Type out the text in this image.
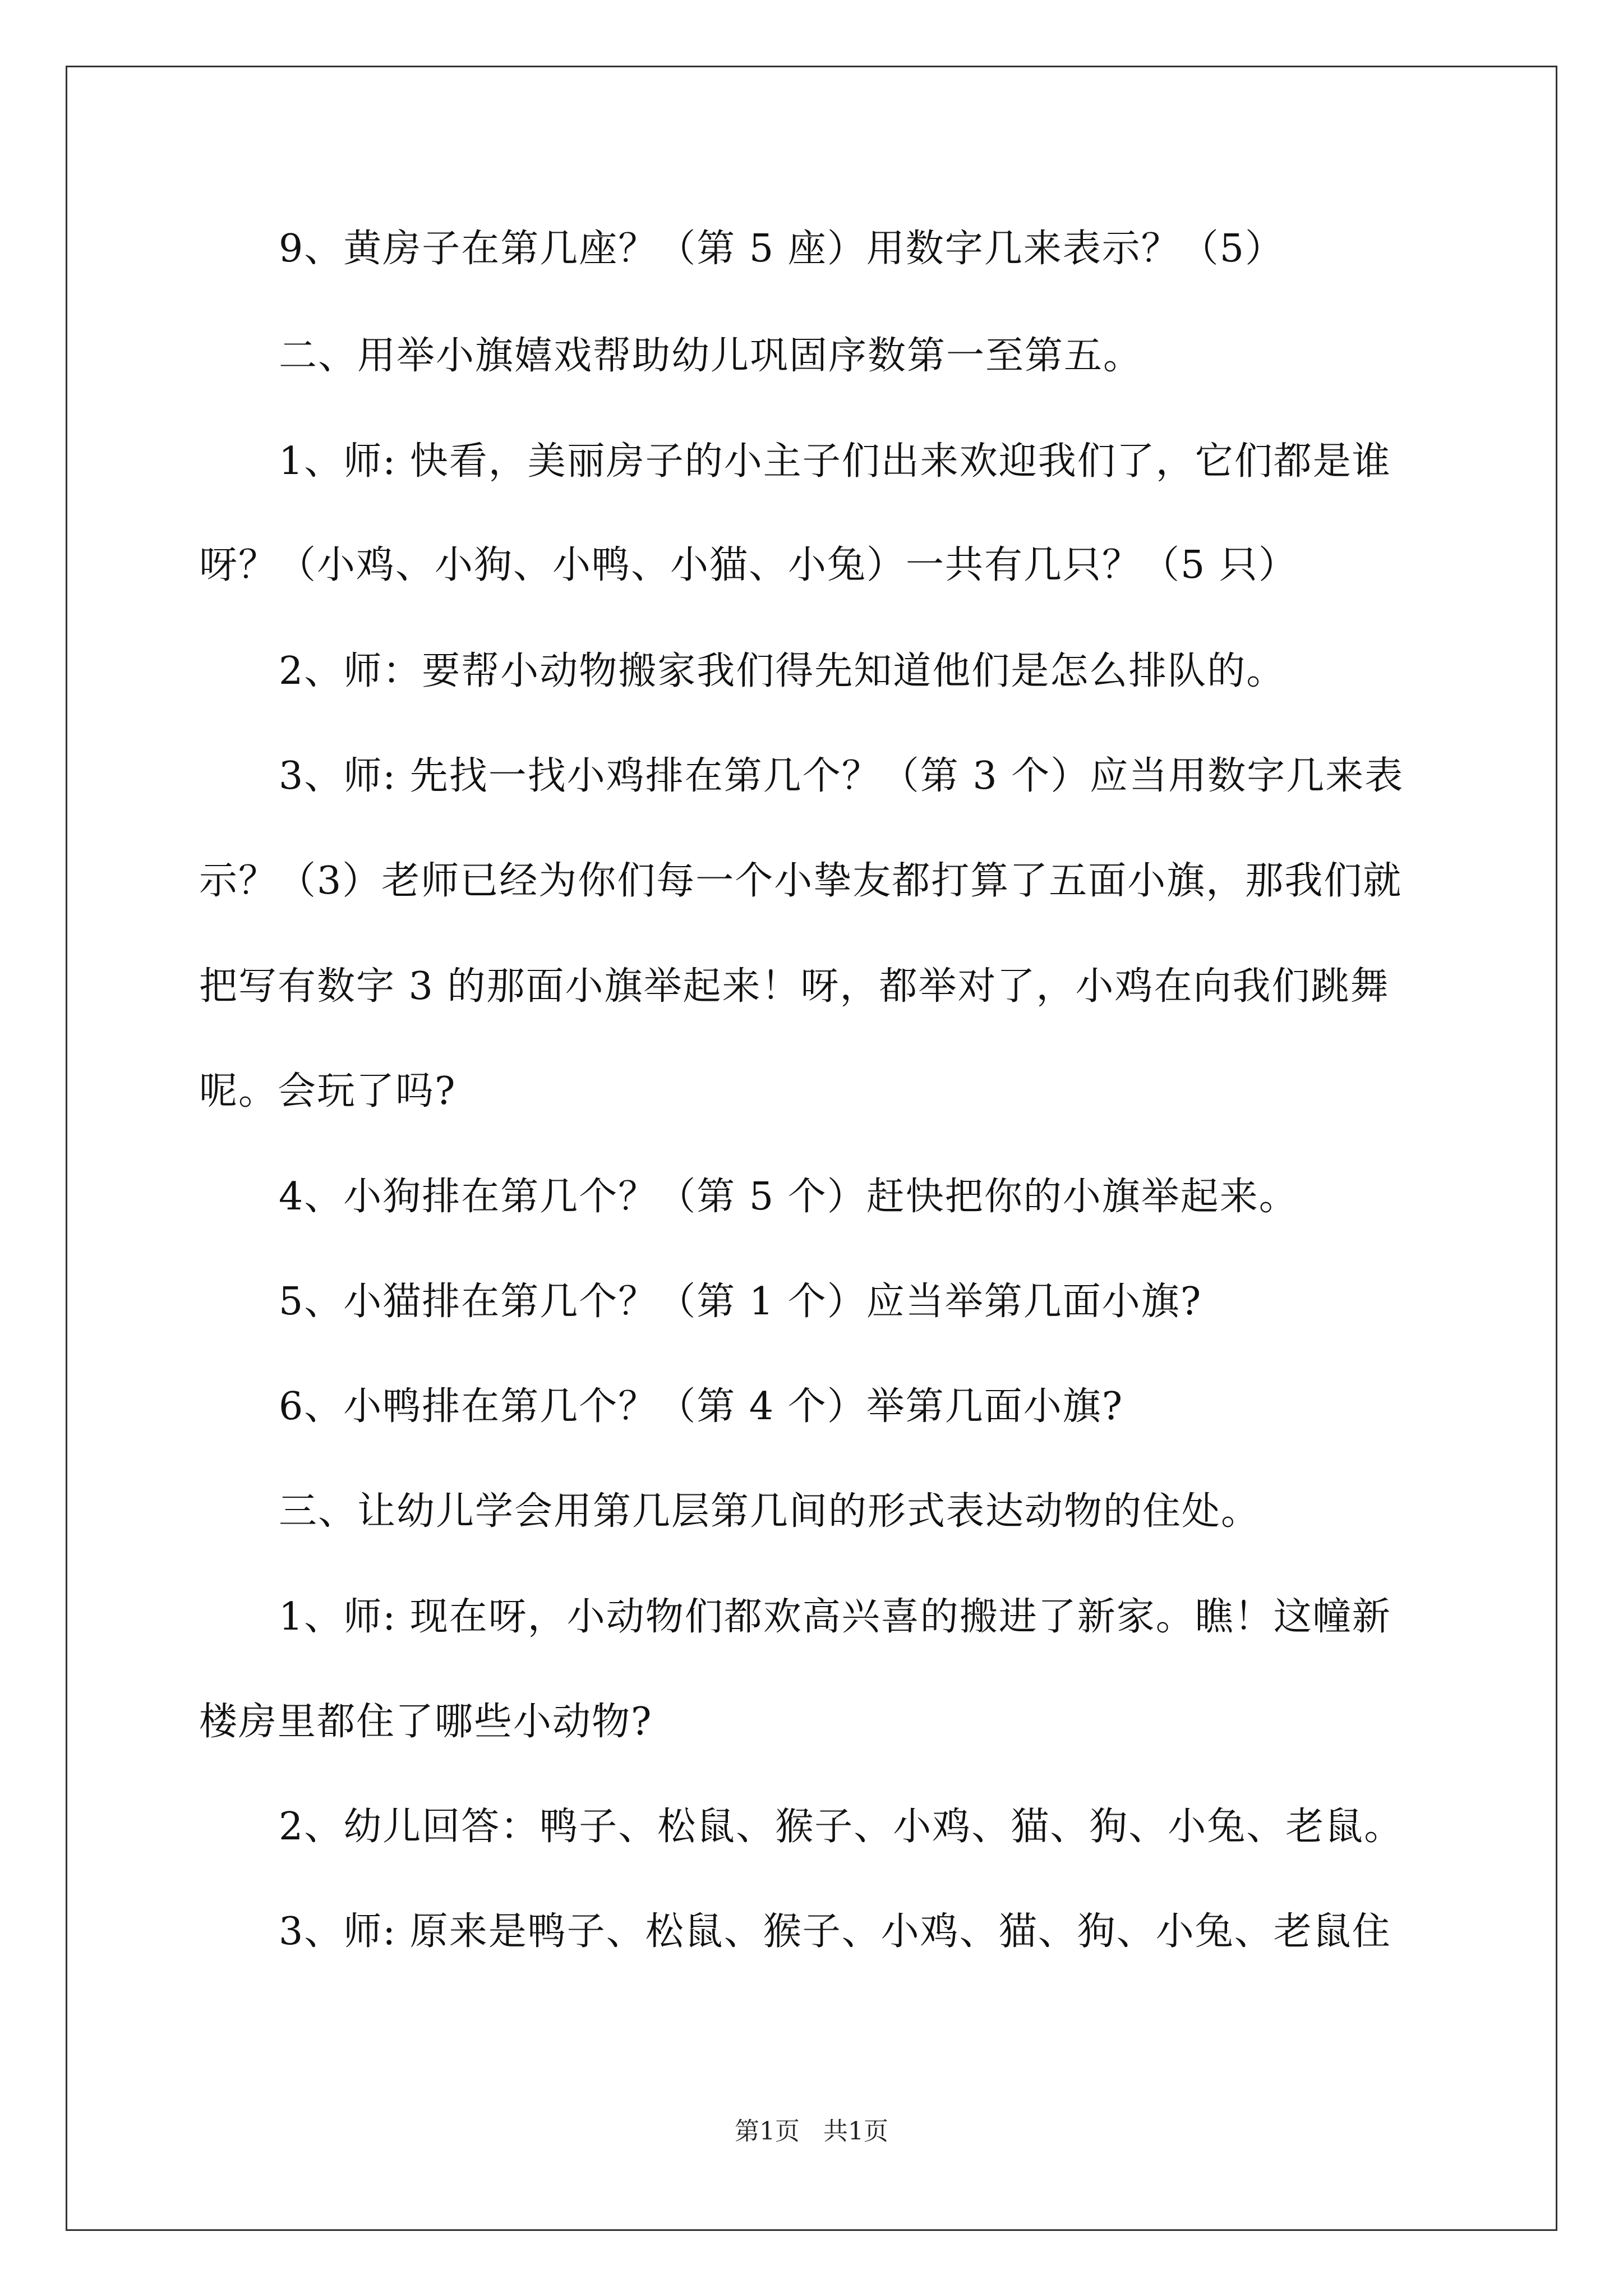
9、黄房子在第几座？（第 5 座）用数字几来表示？（5）
二、用举小旗嬉戏帮助幼儿巩固序数第一至第五。
1、师: 快看，美丽房子的小主子们出来欢迎我们了，它们都是谁
呀？（小鸡、小狗、小鸭、小猫、小兔）一共有几只？（5 只）
2、师：要帮小动物搬家我们得先知道他们是怎么排队的。
3、师: 先找一找小鸡排在第几个？（第 3 个）应当用数字几来表
示？（3）老师已经为你们每一个小挚友都打算了五面小旗，那我们就
把写有数字 3 的那面小旗举起来！呀，都举对了，小鸡在向我们跳舞
呢。会玩了吗?
4、小狗排在第几个？（第 5 个）赶快把你的小旗举起来。
5、小猫排在第几个？（第 1 个）应当举第几面小旗?
6、小鸭排在第几个？（第 4 个）举第几面小旗?
三、让幼儿学会用第几层第几间的形式表达动物的住处。
1、师: 现在呀，小动物们都欢高兴喜的搬进了新家。瞧！这幢新
楼房里都住了哪些小动物?
2、幼儿回答：鸭子、松鼠、猴子、小鸡、猫、狗、小兔、老鼠。
3、师: 原来是鸭子、松鼠、猴子、小鸡、猫、狗、小兔、老鼠住
第1页   共1页
